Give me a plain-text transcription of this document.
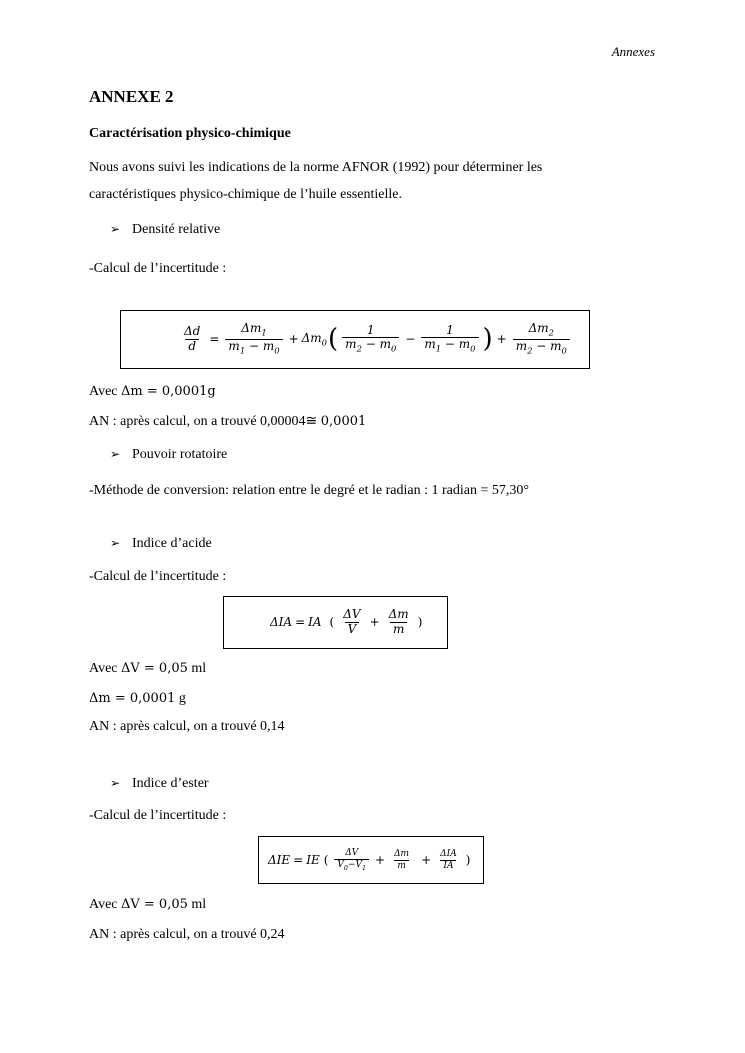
Annexes
ANNEXE 2
Caractérisation physico-chimique
Nous avons suivi les indications de la norme AFNOR (1992) pour déterminer les
caractéristiques physico-chimique de l’huile essentielle.
➢ Densité relative
-Calcul de l’incertitude :
$\frac{\Delta d}{d} = \frac{\Delta m_1}{m_1 - m_0} + \Delta m_0$ ( $\frac{1}{m_2 - m_0} - \frac{1}{m_1 - m_0}$ ) + $\frac{\Delta m_2}{m_2 - m_0}$
Avec Δm = 0,0001g
AN : après calcul, on a trouvé 0,00004≅ 0,0001
➢ Pouvoir rotatoire
-Méthode de conversion: relation entre le degré et le radian : 1 radian = 57,30°
➢ Indice d’acide
-Calcul de l’incertitude :
ΔIA = IA ( $\frac{\Delta V}{V} + \frac{\Delta m}{m}$ )
Avec ΔV = 0,05 ml
Δm = 0,0001 g
AN : après calcul, on a trouvé 0,14
➢ Indice d’ester
-Calcul de l’incertitude :
ΔIE = IE ( $\frac{\Delta V}{V_0-V_1} + \frac{\Delta m}{m} + \frac{\text{ΔIA}}{IA}$ )
Avec ΔV = 0,05 ml
AN : après calcul, on a trouvé 0,24
